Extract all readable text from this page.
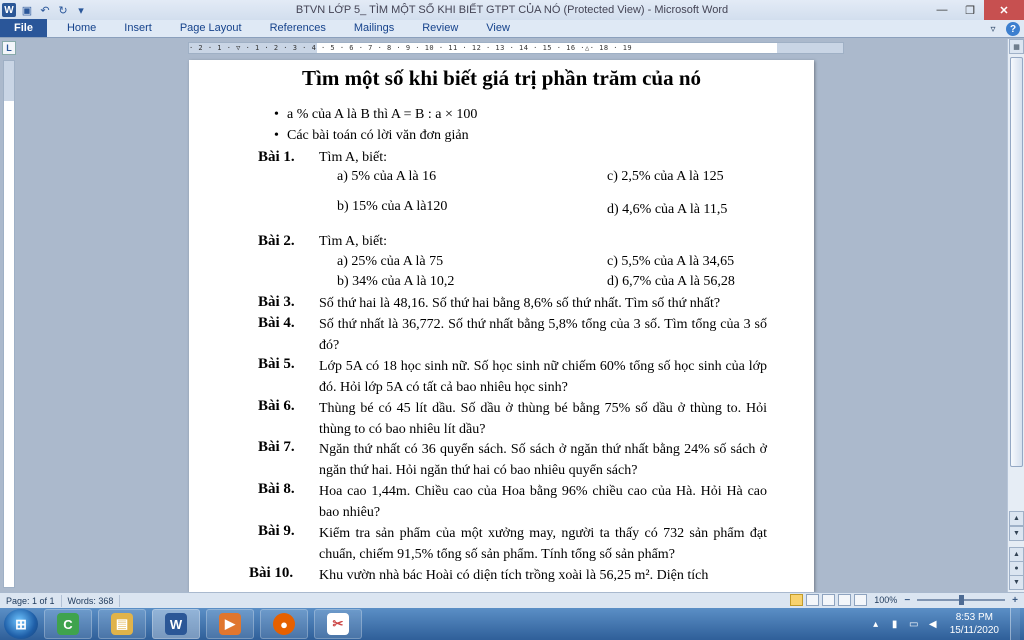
W ▣ ↶ ↻ ▾	BTVN LỚP 5_ TÌM MỘT SỐ KHI BIẾT GTPT CỦA NÓ (Protected View) - Microsoft Word	—	❐	✕
File	Home	Insert	Page Layout	References	Mailings	Review	View	▿	?
L	· 2 · 1 · ▽ · 1 · 2 · 3 · 4 · 5 · 6 · 7 · 8 · 9 · 10 · 11 · 12 · 13 · 14 · 15 · 16 ·△· 18 · 19	▦
▲
▼
▲
●
▼
Tìm một số khi biết giá trị phần trăm của nó
• a % của A là B thì A = B : a × 100
• Các bài toán có lời văn đơn giản
Bài 1. Tìm A, biết:
a) 5% của A là 16	c) 2,5% của A là 125
b) 15% của A là120	d) 4,6% của A là 11,5
Bài 2. Tìm A, biết:
a) 25% của A là 75	c) 5,5% của A là 34,65
b) 34% của A là 10,2	d) 6,7% của A là 56,28
Bài 3. Số thứ hai là 48,16. Số thứ hai bằng 8,6% số thứ nhất. Tìm số thứ nhất?
Bài 4. Số thứ nhất là 36,772. Số thứ nhất bằng 5,8% tổng của 3 số. Tìm tổng của 3 số đó?
Bài 5. Lớp 5A có 18 học sinh nữ. Số học sinh nữ chiếm 60% tổng số học sinh của lớp đó. Hỏi lớp 5A có tất cả bao nhiêu học sinh?
Bài 6. Thùng bé có 45 lít dầu. Số dầu ở thùng bé bằng 75% số dầu ở thùng to. Hỏi thùng to có bao nhiêu lít dầu?
Bài 7. Ngăn thứ nhất có 36 quyển sách. Số sách ở ngăn thứ nhất bằng 24% số sách ở ngăn thứ hai. Hỏi ngăn thứ hai có bao nhiêu quyển sách?
Bài 8. Hoa cao 1,44m. Chiều cao của Hoa bằng 96% chiều cao của Hà. Hỏi Hà cao bao nhiêu?
Bài 9. Kiểm tra sản phẩm của một xưởng may, người ta thấy có 732 sản phẩm đạt chuẩn, chiếm 91,5% tổng số sản phẩm. Tính tổng số sản phẩm?
Bài 10. Khu vườn nhà bác Hoài có diện tích trồng xoài là 56,25 m². Diện tích
Page: 1 of 1	Words: 368	100% −	+
⊞	C	▤	W	▶	●	✂	▴	▮	▭ ◀
8:53 PM
15/11/2020
